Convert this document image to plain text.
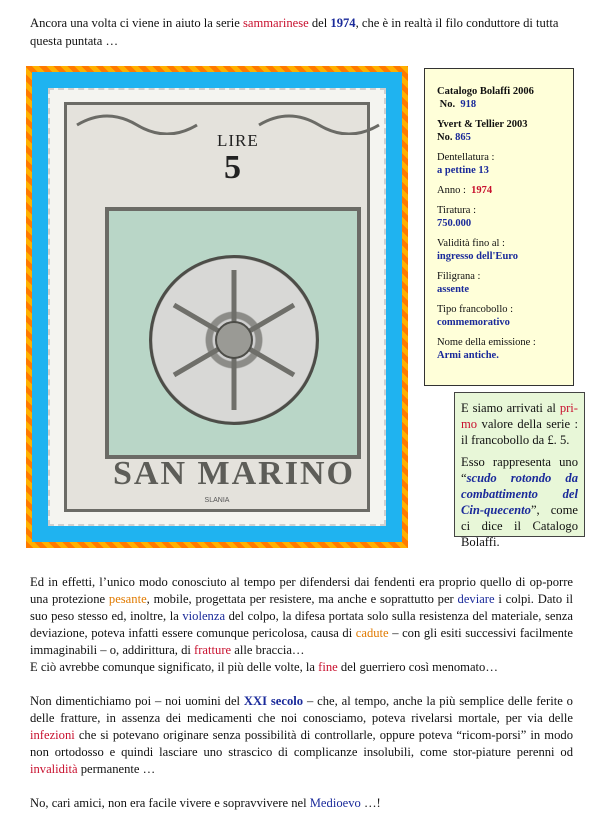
Ancora una volta ci viene in aiuto la serie sammarinese del 1974, che è in realtà il filo conduttore di tutta questa puntata …
LIRE
5
SAN MARINO
SLANIA
Catalogo Bolaffi 2006
No. 918
Yvert & Tellier 2003
No. 865
Dentellatura :
a pettine 13
Anno : 1974
Tiratura :
750.000
Validità fino al :
ingresso dell'Euro
Filigrana :
assente
Tipo francobollo :
commemorativo
Nome della emissione :
Armi antiche.

E siamo arrivati al pri-mo valore della serie : il francobollo da £. 5.

Esso rappresenta uno “scudo rotondo da combattimento del Cin-quecento”, come ci dice il Catalogo Bolaffi.

Ed in effetti, l’unico modo conosciuto al tempo per difendersi dai fendenti era proprio quello di op-porre una protezione pesante, mobile, progettata per resistere, ma anche e soprattutto per deviare i colpi. Dato il suo peso stesso ed, inoltre, la violenza del colpo, la difesa portata solo sulla resistenza del materiale, senza deviazione, poteva infatti essere comunque pericolosa, causa di cadute – con gli esiti successivi facilmente immaginabili – o, addirittura, di fratture alle braccia…
E ciò avrebbe comunque significato, il più delle volte, la fine del guerriero così menomato…

Non dimentichiamo poi – noi uomini del XXI secolo – che, al tempo, anche la più semplice delle ferite o delle fratture, in assenza dei medicamenti che noi conosciamo, poteva rivelarsi mortale, per via delle infezioni che si potevano originare senza possibilità di controllarle, oppure poteva “ricom-porsi” in modo non ortodosso e quindi lasciare uno strascico di complicanze insolubili, come stor-piature perenni od invalidità permanente …

No, cari amici, non era facile vivere e sopravvivere nel Medioevo …!
